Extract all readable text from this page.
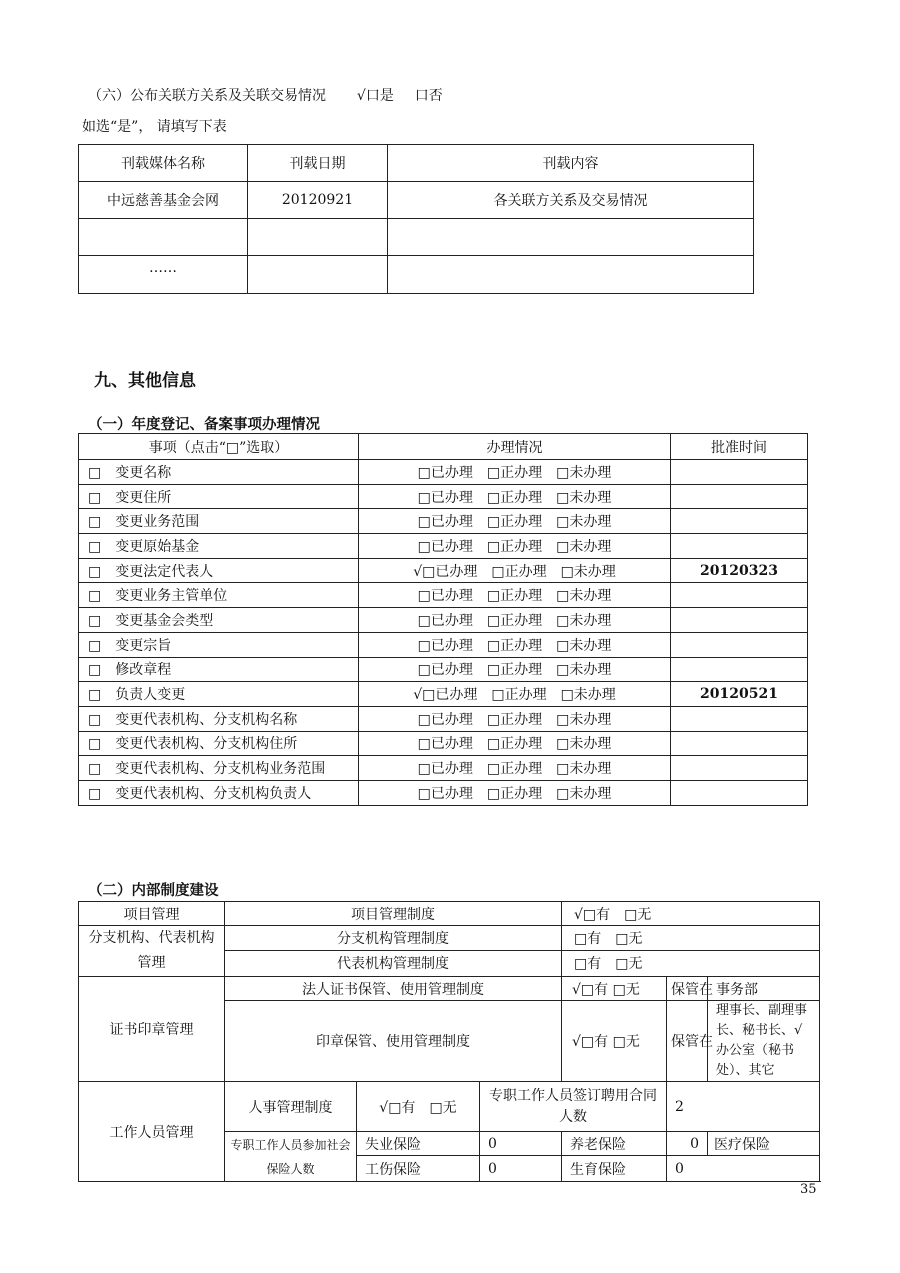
（六）公布关联方关系及关联交易情况 √口是 口否
如选“是”， 请填写下表
刊载媒体名称	刊载日期	刊载内容
中远慈善基金会网	20120921	各关联方关系及交易情况

……		
九、其他信息
（一）年度登记、备案事项办理情况
事项（点击“□”选取）	办理情况	批准时间
□　变更名称	□已办理　□正办理　□未办理	
□　变更住所	□已办理　□正办理　□未办理	
□　变更业务范围	□已办理　□正办理　□未办理	
□　变更原始基金	□已办理　□正办理　□未办理	
□　变更法定代表人	√□已办理　□正办理　□未办理	20120323
□　变更业务主管单位	□已办理　□正办理　□未办理	
□　变更基金会类型	□已办理　□正办理　□未办理	
□　变更宗旨	□已办理　□正办理　□未办理	
□　修改章程	□已办理　□正办理　□未办理	
□　负责人变更	√□已办理　□正办理　□未办理	20120521
□　变更代表机构、分支机构名称	□已办理　□正办理　□未办理	
□　变更代表机构、分支机构住所	□已办理　□正办理　□未办理	
□　变更代表机构、分支机构业务范围	□已办理　□正办理　□未办理	
□　变更代表机构、分支机构负责人	□已办理　□正办理　□未办理	
（二）内部制度建设
项目管理	项目管理制度			√□有　□无			
分支机构、代表机构管理	分支机构管理制度			□有　□无			
	代表机构管理制度			□有　□无			
证书印章管理	法人证书保管、使用管理制度			√□有 □无	保管在	事务部	
	印章保管、使用管理制度			√□有 □无	保管在	理事长、副理事长、秘书长、√办公室（秘书处）、其它	
工作人员管理	人事管理制度	√□有　□无	专职工作人员签订聘用合同人数		2		
	专职工作人员参加社会保险人数	失业保险	0	养老保险	0	医疗保险	
		工伤保险	0	生育保险	0		
35
